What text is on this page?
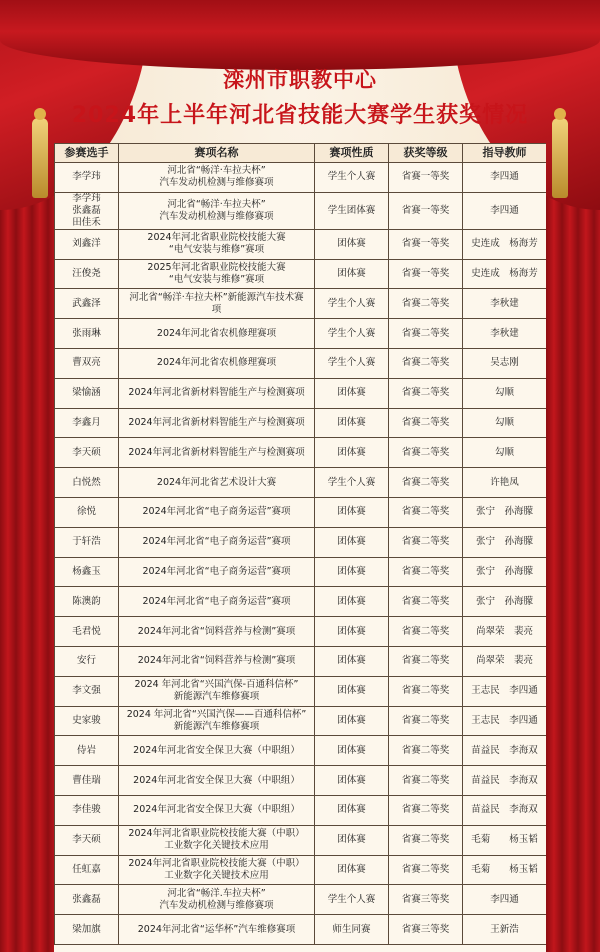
滦州市职教中心
2024年上半年河北省技能大赛学生获奖情况
参赛选手	赛项名称	赛项性质	获奖等级	指导教师
李学玮	河北省“畅洋·车拉夫杯”
汽车发动机检测与维修赛项	学生个人赛	省赛一等奖	李四通
李学玮
张鑫磊
田佳禾	河北省“畅洋·车拉夫杯”
汽车发动机检测与维修赛项	学生团体赛	省赛一等奖	李四通
刘鑫洋	2024年河北省职业院校技能大赛
“电气安装与维修”赛项	团体赛	省赛一等奖	史连成　杨海芳
汪俊尧	2025年河北省职业院校技能大赛
“电气安装与维修”赛项	团体赛	省赛一等奖	史连成　杨海芳
武鑫泽	河北省“畅洋·车拉夫杯”新能源汽车技术赛
项	学生个人赛	省赛二等奖	李秋建
张雨琳	2024年河北省农机修理赛项	学生个人赛	省赛二等奖	李秋建
曹双亮	2024年河北省农机修理赛项	学生个人赛	省赛二等奖	吴志刚
梁愉涵	2024年河北省新材料智能生产与检测赛项	团体赛	省赛二等奖	勾顺
李鑫月	2024年河北省新材料智能生产与检测赛项	团体赛	省赛二等奖	勾顺
李天硕	2024年河北省新材料智能生产与检测赛项	团体赛	省赛二等奖	勾顺
白悦然	2024年河北省艺术设计大赛	学生个人赛	省赛二等奖	许艳凤
徐悦	2024年河北省“电子商务运营”赛项	团体赛	省赛二等奖	张宁　孙海朦
于轩浩	2024年河北省“电子商务运营”赛项	团体赛	省赛二等奖	张宁　孙海朦
杨鑫玉	2024年河北省“电子商务运营”赛项	团体赛	省赛二等奖	张宁　孙海朦
陈澳韵	2024年河北省“电子商务运营”赛项	团体赛	省赛二等奖	张宁　孙海朦
毛君悦	2024年河北省“饲料营养与检测”赛项	团体赛	省赛二等奖	尚翠荣　裴亮
安行	2024年河北省“饲料营养与检测”赛项	团体赛	省赛二等奖	尚翠荣　裴亮
李文强	2024 年河北省“兴国汽保-百通科信杯”
新能源汽车维修赛项	团体赛	省赛二等奖	王志民　李四通
史家骏	2024 年河北省“兴国汽保——百通科信杯”
新能源汽车维修赛项	团体赛	省赛二等奖	王志民　李四通
侍岩	2024年河北省安全保卫大赛（中职组）	团体赛	省赛二等奖	苗益民　李海双
曹佳瑞	2024年河北省安全保卫大赛（中职组）	团体赛	省赛二等奖	苗益民　李海双
李佳骏	2024年河北省安全保卫大赛（中职组）	团体赛	省赛二等奖	苗益民　李海双
李天硕	2024年河北省职业院校技能大赛（中职）
工业数字化关键技术应用	团体赛	省赛二等奖	毛菊　　杨玉韬
任虹嘉	2024年河北省职业院校技能大赛（中职）
工业数字化关键技术应用	团体赛	省赛二等奖	毛菊　　杨玉韬
张鑫磊	河北省“畅洋.车拉夫杯”
汽车发动机检测与维修赛项	学生个人赛	省赛三等奖	李四通
梁加旗	2024年河北省“运华杯”汽车维修赛项	师生同赛	省赛三等奖	王新浩
